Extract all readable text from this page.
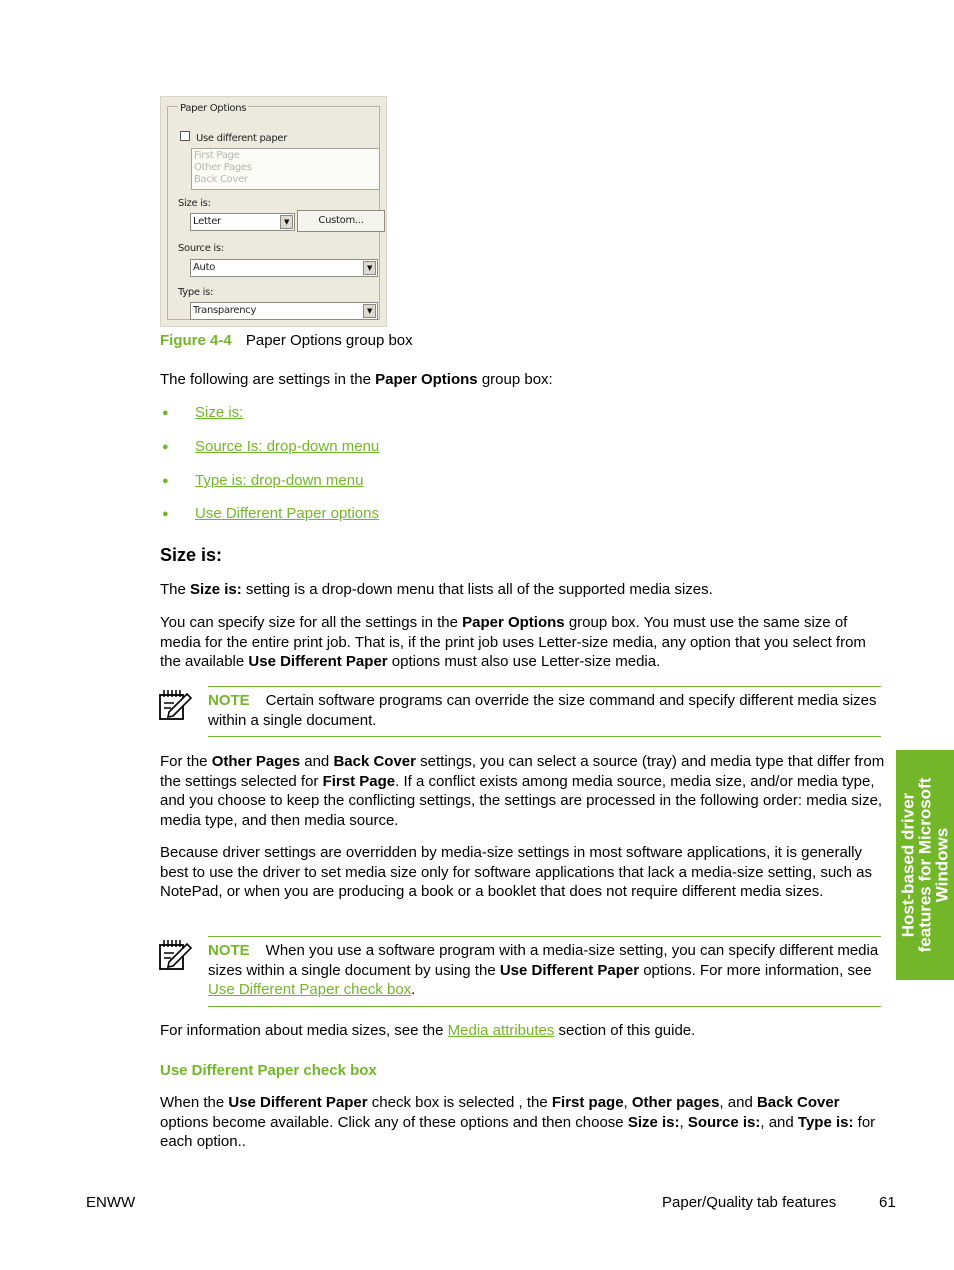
Paper Options
Use different paper
First Page
Other Pages
Back Cover
Size is:
Letter	▼	Custom...
Source is:
Auto	▼
Type is:
Transparency	▼
Figure 4-4 Paper Options group box
The following are settings in the Paper Options group box:
● Size is:
● Source Is: drop-down menu
● Type is: drop-down menu
● Use Different Paper options
Size is:
The Size is: setting is a drop-down menu that lists all of the supported media sizes.
You can specify size for all the settings in the Paper Options group box. You must use the same size of media for the entire print job. That is, if the print job uses Letter-size media, any option that you select from the available Use Different Paper options must also use Letter-size media.
NOTE Certain software programs can override the size command and specify different media sizes within a single document.
For the Other Pages and Back Cover settings, you can select a source (tray) and media type that differ from the settings selected for First Page. If a conflict exists among media source, media size, and/or media type, and you choose to keep the conflicting settings, the settings are processed in the following order: media size, media type, and then media source.
Because driver settings are overridden by media-size settings in most software applications, it is generally best to use the driver to set media size only for software applications that lack a media-size setting, such as NotePad, or when you are producing a book or a booklet that does not require different media sizes.
NOTE When you use a software program with a media-size setting, you can specify different media sizes within a single document by using the Use Different Paper options. For more information, see Use Different Paper check box.
For information about media sizes, see the Media attributes section of this guide.
Use Different Paper check box
When the Use Different Paper check box is selected , the First page, Other pages, and Back Cover options become available. Click any of these options and then choose Size is:, Source is:, and Type is: for each option..
Host-based driver
features for Microsoft
Windows
ENWW	Paper/Quality tab features	61
